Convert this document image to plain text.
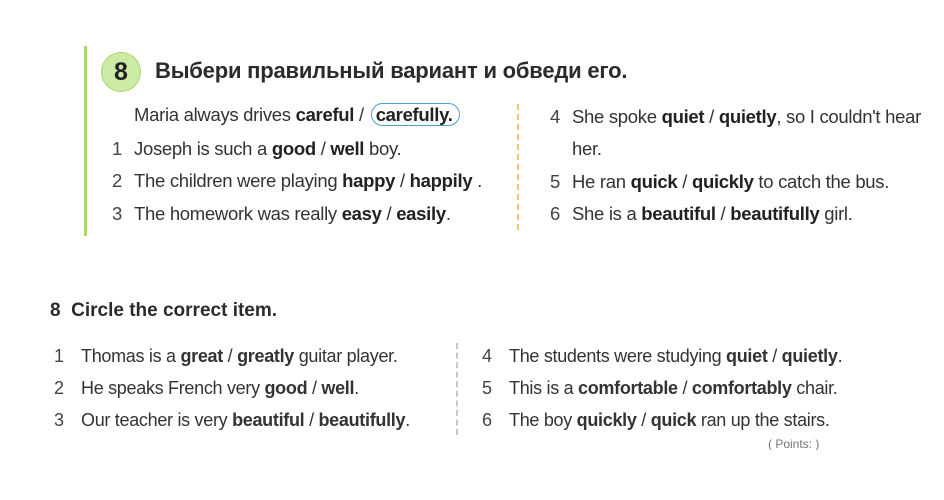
8	Выбери правильный вариант и обведи его.
Maria always drives careful / carefully.
1 Joseph is such a good / well boy.
2 The children were playing happy / happily .
3 The homework was really easy / easily.
4 She spoke quiet / quietly, so I couldn't hear
her.
5 He ran quick / quickly to catch the bus.
6 She is a beautiful / beautifully girl.
8  Circle the correct item.
1 Thomas is a great / greatly guitar player.
2 He speaks French very good / well.
3 Our teacher is very beautiful / beautifully.
4 The students were studying quiet / quietly.
5 This is a comfortable / comfortably chair.
6 The boy quickly / quick ran up the stairs.
( Points: )
